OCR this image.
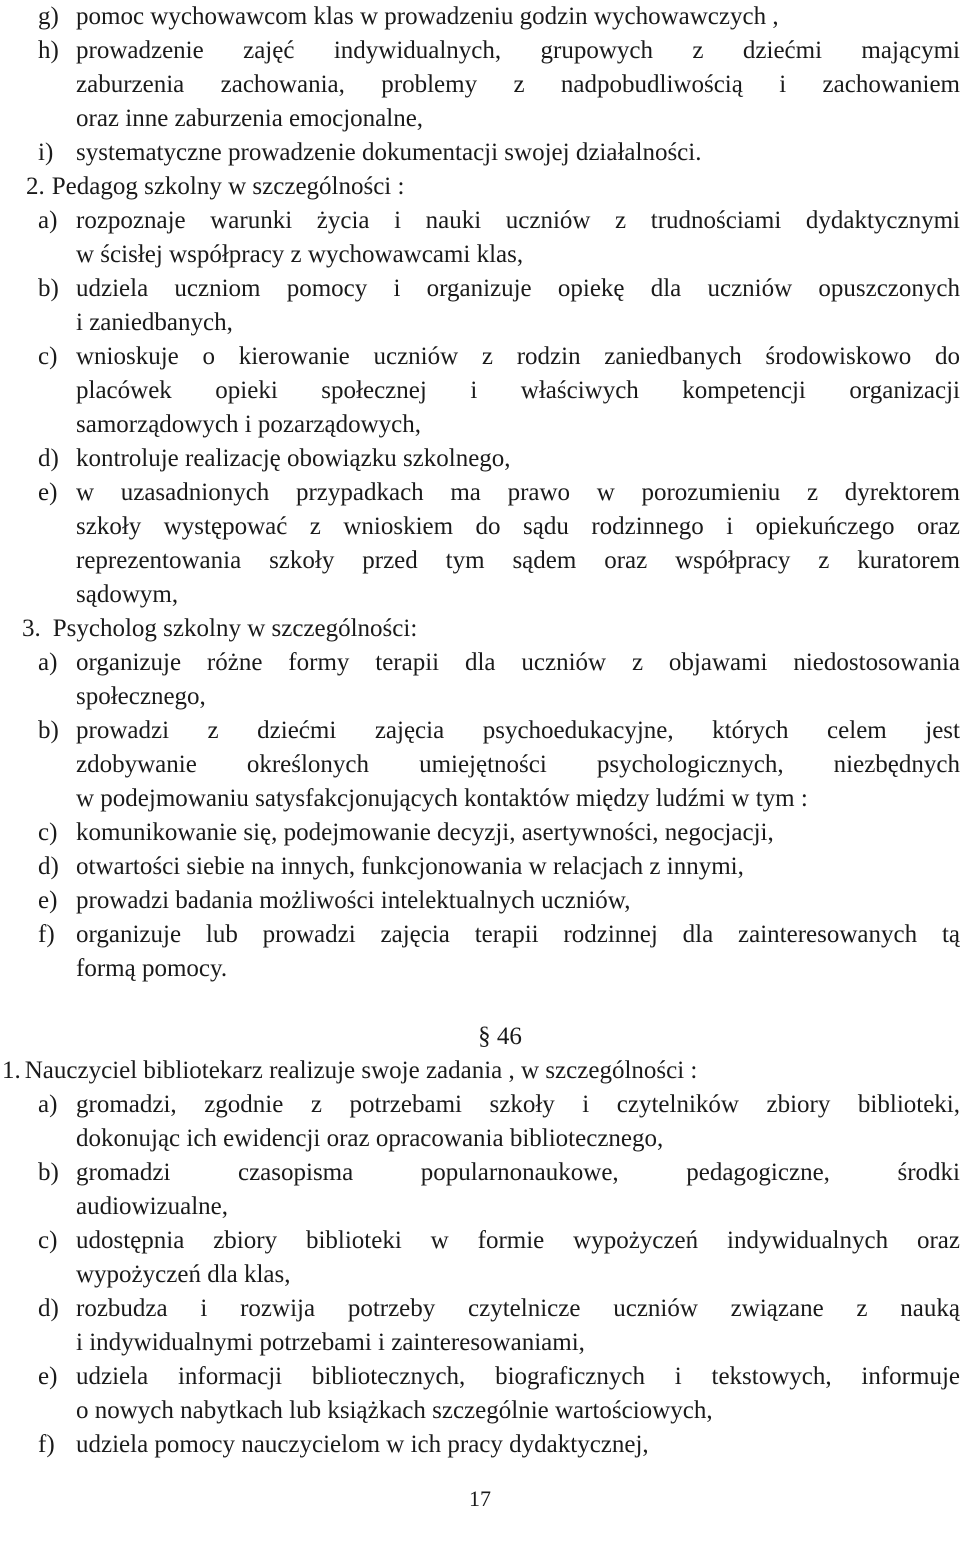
g) pomoc wychowawcom klas w prowadzeniu godzin wychowawczych ,
h) prowadzenie zajęć indywidualnych, grupowych z dziećmi mającymi
zaburzenia zachowania, problemy z nadpobudliwością i zachowaniem
oraz inne zaburzenia emocjonalne,
i) systematyczne prowadzenie dokumentacji swojej działalności.
2. Pedagog szkolny w szczególności :
a) rozpoznaje warunki życia i nauki uczniów z trudnościami dydaktycznymi
w ścisłej współpracy z wychowawcami klas,
b) udziela uczniom pomocy i organizuje opiekę dla uczniów opuszczonych
i zaniedbanych,
c) wnioskuje o kierowanie uczniów z rodzin zaniedbanych środowiskowo do
placówek opieki społecznej i właściwych kompetencji organizacji
samorządowych i pozarządowych,
d) kontroluje realizację obowiązku szkolnego,
e) w uzasadnionych przypadkach ma prawo w porozumieniu z dyrektorem
szkoły występować z wnioskiem do sądu rodzinnego i opiekuńczego oraz
reprezentowania szkoły przed tym sądem oraz współpracy z kuratorem
sądowym,
3. Psycholog szkolny w szczególności:
a) organizuje różne formy terapii dla uczniów z objawami niedostosowania
społecznego,
b) prowadzi z dziećmi zajęcia psychoedukacyjne, których celem jest
zdobywanie określonych umiejętności psychologicznych, niezbędnych
w podejmowaniu satysfakcjonujących kontaktów między ludźmi w tym :
c) komunikowanie się, podejmowanie decyzji, asertywności, negocjacji,
d) otwartości siebie na innych, funkcjonowania w relacjach z innymi,
e) prowadzi badania możliwości intelektualnych uczniów,
f) organizuje lub prowadzi zajęcia terapii rodzinnej dla zainteresowanych tą
formą pomocy.
§ 46
1. Nauczyciel bibliotekarz realizuje swoje zadania , w szczególności :
a) gromadzi, zgodnie z potrzebami szkoły i czytelników zbiory biblioteki,
dokonując ich ewidencji oraz opracowania bibliotecznego,
b) gromadzi czasopisma popularnonaukowe, pedagogiczne, środki
audiowizualne,
c) udostępnia zbiory biblioteki w formie wypożyczeń indywidualnych oraz
wypożyczeń dla klas,
d) rozbudza i rozwija potrzeby czytelnicze uczniów związane z nauką
i indywidualnymi potrzebami i zainteresowaniami,
e) udziela informacji bibliotecznych, biograficznych i tekstowych, informuje
o nowych nabytkach lub książkach szczególnie wartościowych,
f) udziela pomocy nauczycielom w ich pracy dydaktycznej,
17
